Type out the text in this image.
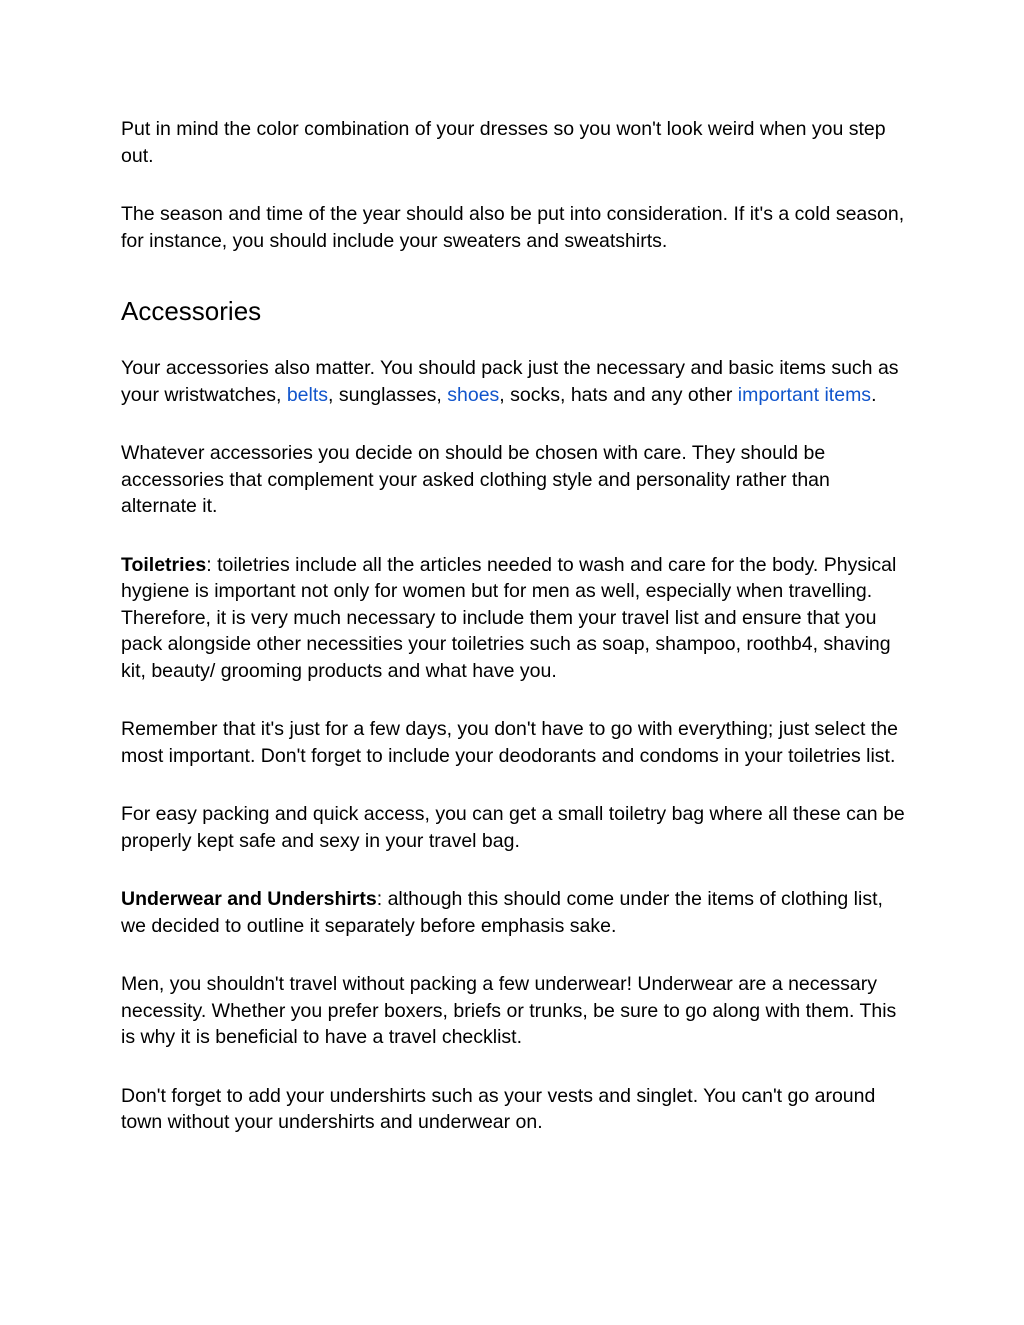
Put in mind the color combination of your dresses so you won't look weird when you step out.

The season and time of the year should also be put into consideration. If it's a cold season, for instance, you should include your sweaters and sweatshirts.

Accessories

Your accessories also matter. You should pack just the necessary and basic items such as your wristwatches, belts, sunglasses, shoes, socks, hats and any other important items.

Whatever accessories you decide on should be chosen with care. They should be accessories that complement your asked clothing style and personality rather than alternate it.

Toiletries: toiletries include all the articles needed to wash and care for the body. Physical hygiene is important not only for women but for men as well, especially when travelling. Therefore, it is very much necessary to include them your travel list and ensure that you pack alongside other necessities your toiletries such as soap, shampoo, roothb4, shaving kit, beauty/ grooming products and what have you.

Remember that it's just for a few days, you don't have to go with everything; just select the most important. Don't forget to include your deodorants and condoms in your toiletries list.

For easy packing and quick access, you can get a small toiletry bag where all these can be properly kept safe and sexy in your travel bag.

Underwear and Undershirts: although this should come under the items of clothing list, we decided to outline it separately before emphasis sake.

Men, you shouldn't travel without packing a few underwear! Underwear are a necessary necessity. Whether you prefer boxers, briefs or trunks, be sure to go along with them. This is why it is beneficial to have a travel checklist.

Don't forget to add your undershirts such as your vests and singlet. You can't go around town without your undershirts and underwear on.
